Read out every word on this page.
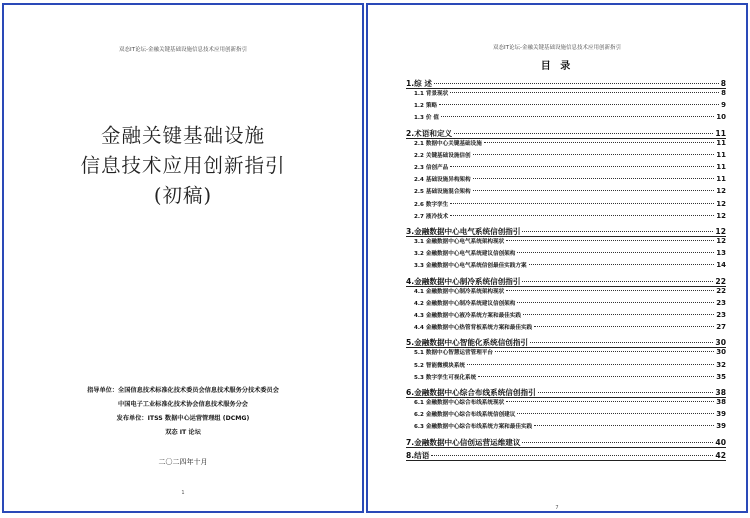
双态IT论坛-金融关键基础设施信息技术应用创新指引
金融关键基础设施
信息技术应用创新指引
(初稿)
指导单位：全国信息技术标准化技术委员会信息技术服务分技术委员会
中国电子工业标准化技术协会信息技术服务分会
发布单位：ITSS 数据中心运营管理组 (DCMG)
双态 IT 论坛
二〇二四年十月
1
双态IT论坛-金融关键基础设施信息技术应用创新指引
目 录
1.综 述	8
1.1 背景现状	8
1.2 策略	9
1.3 价 值	10
2.术语和定义	11
2.1 数据中心关键基础设施	11
2.2 关键基础设施信创	11
2.3 信创产品	11
2.4 基础设施异构架构	11
2.5 基础设施混合架构	12
2.6 数字孪生	12
2.7 液冷技术	12
3.金融数据中心电气系统信创指引	12
3.1 金融数据中心电气系统架构现状	12
3.2 金融数据中心电气系统建议信创架构	13
3.3 金融数据中心电气系统信创最佳实践方案	14
4.金融数据中心制冷系统信创指引	22
4.1 金融数据中心制冷系统架构现状	22
4.2 金融数据中心制冷系统建议信创架构	23
4.3 金融数据中心液冷系统方案和最佳实践	23
4.4 金融数据中心热管背板系统方案和最佳实践	27
5.金融数据中心智能化系统信创指引	30
5.1 数据中心智慧运营管理平台	30
5.2 智能微模块系统	32
5.3 数字孪生可视化系统	35
6.金融数据中心综合布线系统信创指引	38
6.1 金融数据中心综合布线系统现状	38
6.2 金融数据中心综合布线系统信创建议	39
6.3 金融数据中心综合布线系统方案和最佳实践	39
7.金融数据中心信创运营运维建议	40
8.结语	42
7
